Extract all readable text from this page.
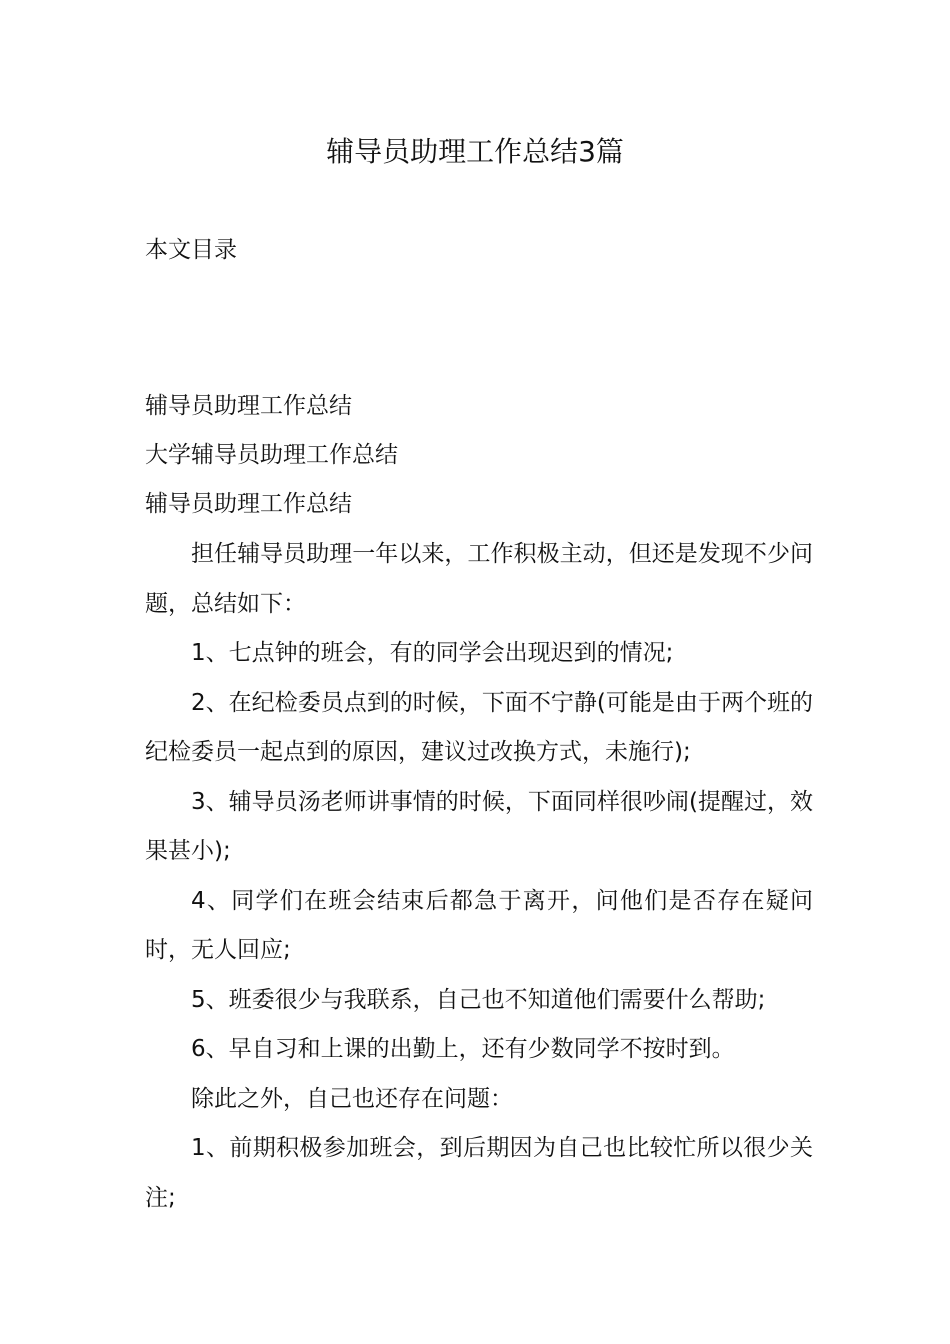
辅导员助理工作总结3篇
本文目录
辅导员助理工作总结
大学辅导员助理工作总结
辅导员助理工作总结

担任辅导员助理一年以来，工作积极主动，但还是发现不少问题，总结如下：

1、七点钟的班会，有的同学会出现迟到的情况;

2、在纪检委员点到的时候，下面不宁静(可能是由于两个班的纪检委员一起点到的原因，建议过改换方式，未施行);

3、辅导员汤老师讲事情的时候，下面同样很吵闹(提醒过，效果甚小);

4、同学们在班会结束后都急于离开，问他们是否存在疑问时，无人回应;

5、班委很少与我联系，自己也不知道他们需要什么帮助;

6、早自习和上课的出勤上，还有少数同学不按时到。

除此之外，自己也还存在问题：

1、前期积极参加班会，到后期因为自己也比较忙所以很少关注;
